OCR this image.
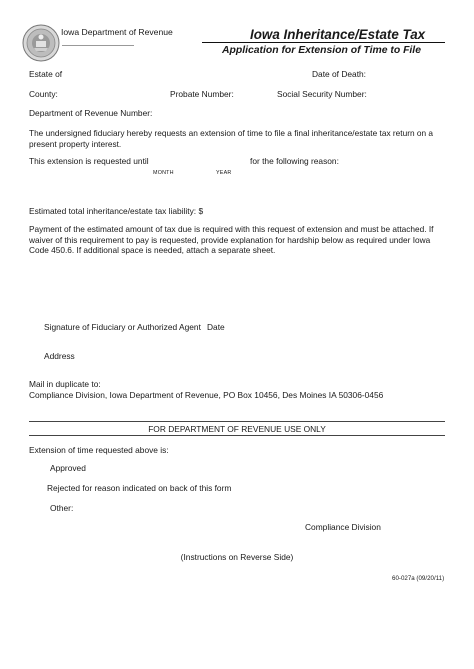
Iowa Department of Revenue	Iowa Inheritance/Estate Tax
Application for Extension of Time to File
Estate of	Date of Death:
County:	Probate Number:	Social Security Number:
Department of Revenue Number:
The undersigned fiduciary hereby requests an extension of time to file a final inheritance/estate tax return on a present property interest.
This extension is requested until	for the following reason:
MONTH	YEAR
Estimated total inheritance/estate tax liability: $
Payment of the estimated amount of tax due is required with this request of extension and must be attached. If waiver of this requirement to pay is requested, provide explanation for hardship below as required under Iowa Code 450.6. If additional space is needed, attach a separate sheet.
Signature of Fiduciary or Authorized Agent Date
Address
Mail in duplicate to:
Compliance Division, Iowa Department of Revenue, PO Box 10456, Des Moines IA 50306-0456
FOR DEPARTMENT OF REVENUE USE ONLY
Extension of time requested above is:
Approved
Rejected for reason indicated on back of this form
Other:
Compliance Division
(Instructions on Reverse Side)
60-027a (09/20/11)
